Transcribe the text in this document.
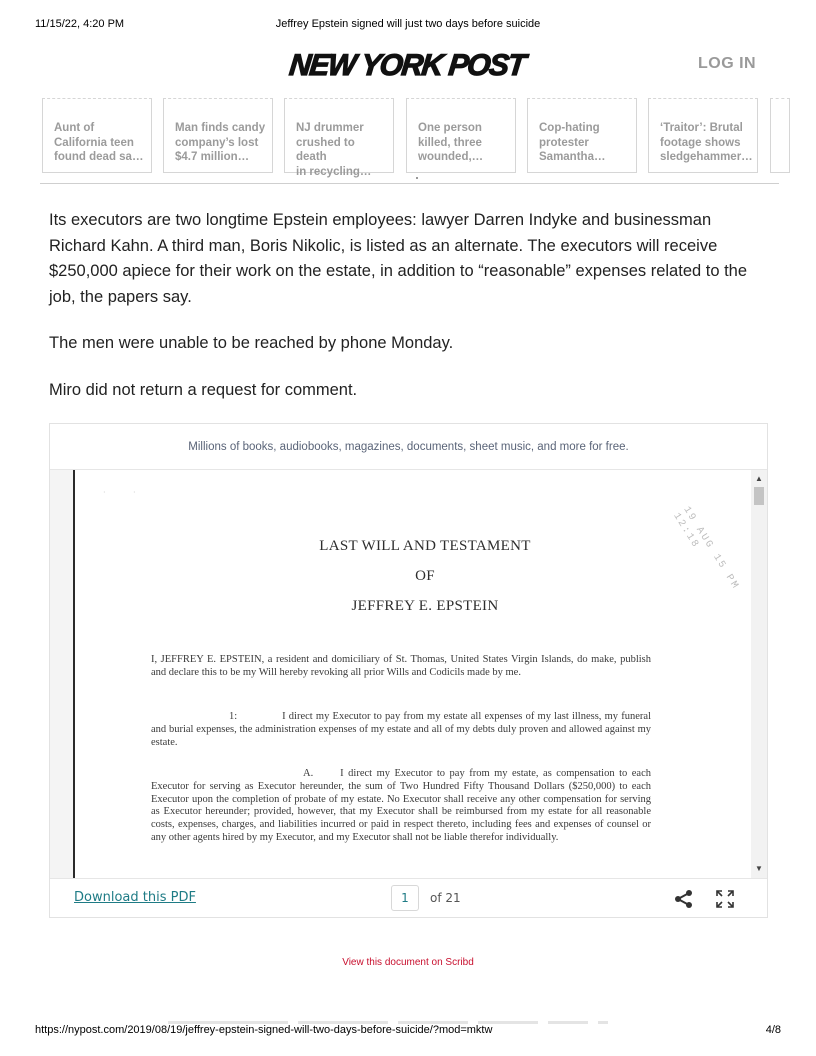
11/15/22, 4:20 PM	Jeffrey Epstein signed will just two days before suicide
NEW YORK POST	LOG IN
Aunt of
California teen
found dead sa…
Man finds candy
company’s lost
$4.7 million…
NJ drummer
crushed to death
in recycling…
One person
killed, three
wounded,…
Cop-hating
protester
Samantha…
‘Traitor’: Brutal
footage shows
sledgehammer…

Its executors are two longtime Epstein employees: lawyer Darren Indyke and businessman Richard Kahn. A third man, Boris Nikolic, is listed as an alternate. The executors will receive $250,000 apiece for their work on the estate, in addition to “reasonable” expenses related to the job, the papers say.

The men were unable to be reached by phone Monday.

Miro did not return a request for comment.

Millions of books, audiobooks, magazines, documents, sheet music, and more for free.
·	·
LAST WILL AND TESTAMENT
OF
JEFFREY E. EPSTEIN
19 AUG 15 PM 12:18
I, JEFFREY E. EPSTEIN, a resident and domiciliary of St. Thomas, United States Virgin Islands, do make, publish and declare this to be my Will hereby revoking all prior Wills and Codicils made by me.
1:              I direct my Executor to pay from my estate all expenses of my last illness, my funeral and burial expenses, the administration expenses of my estate and all of my debts duly proven and allowed against my estate.
A.      I direct my Executor to pay from my estate, as compensation to each Executor for serving as Executor hereunder, the sum of Two Hundred Fifty Thousand Dollars ($250,000) to each Executor upon the completion of probate of my estate. No Executor shall receive any other compensation for serving as Executor hereunder; provided, however, that my Executor shall be reimbursed from my estate for all reasonable costs, expenses, charges, and liabilities incurred or paid in respect thereto, including fees and expenses of counsel or any other agents hired by my Executor, and my Executor shall not be liable therefor individually.
▲
▼
Download this PDF	1	of 21
View this document on Scribd
https://nypost.com/2019/08/19/jeffrey-epstein-signed-will-two-days-before-suicide/?mod=mktw	4/8
